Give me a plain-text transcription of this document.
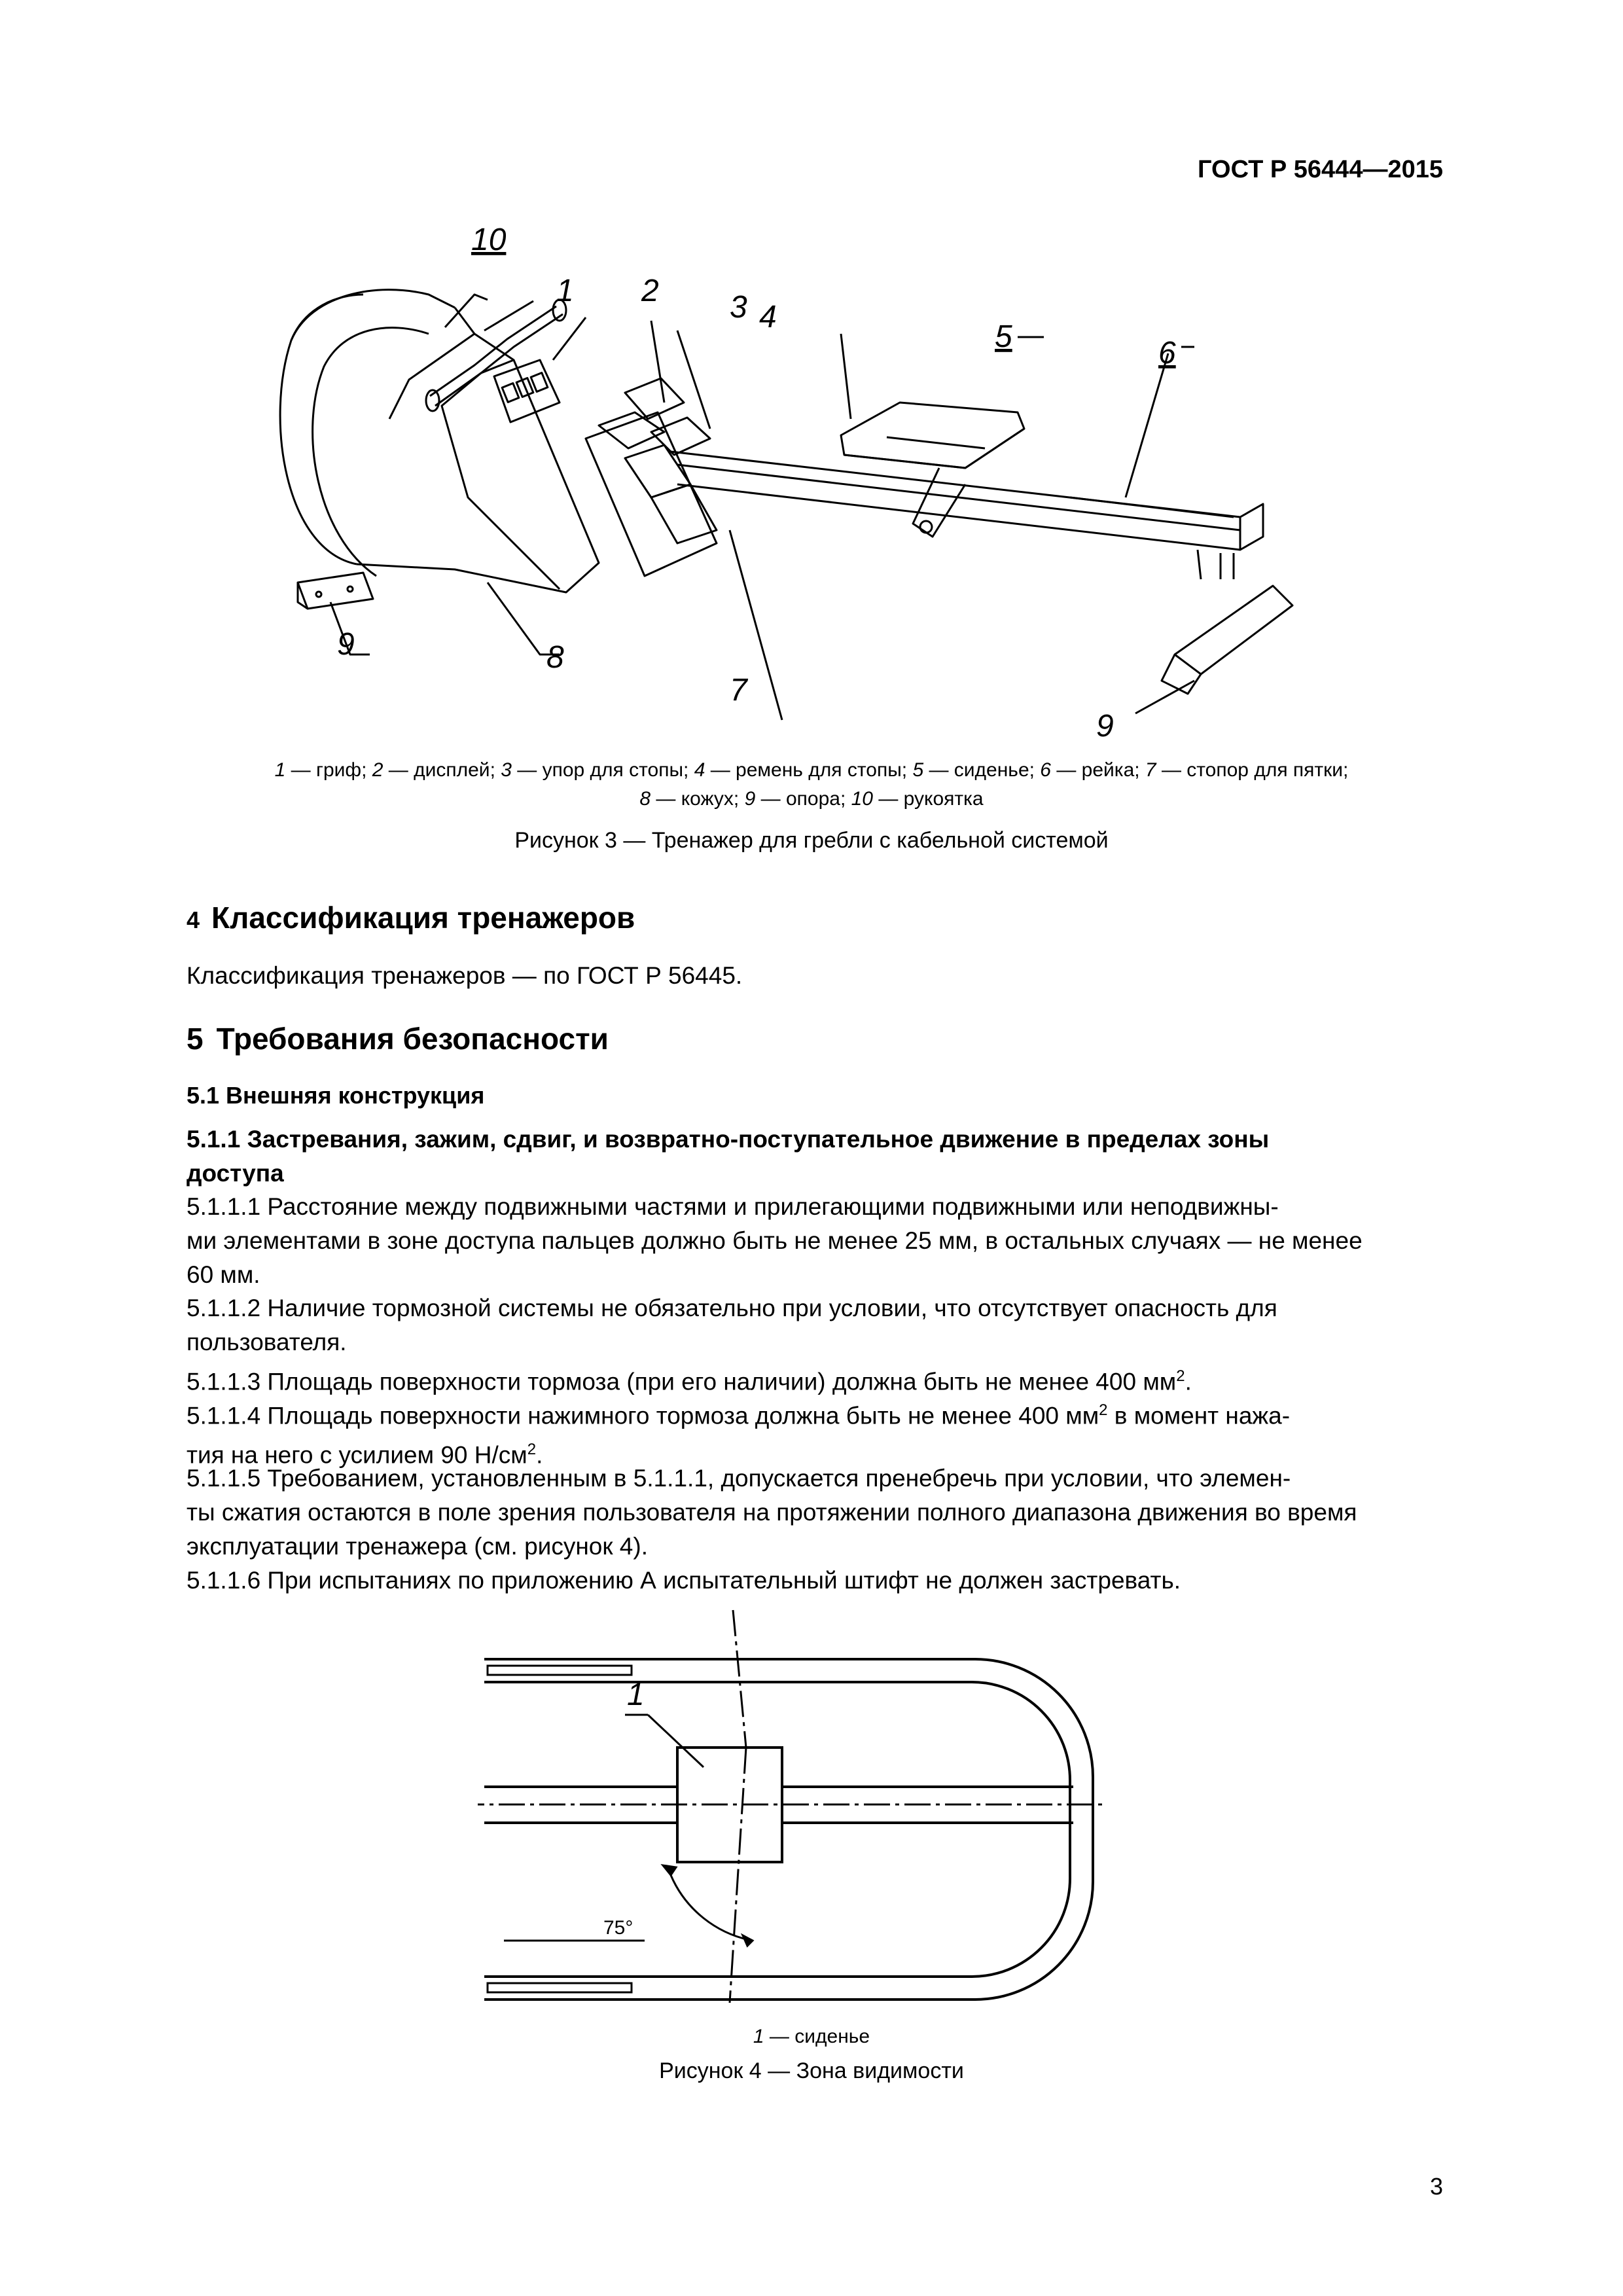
ГОСТ Р 56444—2015
10
1 2 3 4
5	6
7
8
9
9
1 — гриф; 2 — дисплей; 3 — упор для стопы; 4 — ремень для стопы; 5 — сиденье; 6 — рейка; 7 — стопор для пятки;
8 — кожух; 9 — опора; 10 — рукоятка
Рисунок 3 — Тренажер для гребли с кабельной системой
4 Классификация тренажеров
Классификация тренажеров — по ГОСТ Р 56445.
5 Требования безопасности
5.1 Внешняя конструкция
5.1.1 Застревания, зажим, сдвиг, и возвратно-поступательное движение в пределах зоны
доступа
5.1.1.1 Расстояние между подвижными частями и прилегающими подвижными или неподвижны-
ми элементами в зоне доступа пальцев должно быть не менее 25 мм, в остальных случаях — не менее
60 мм.
5.1.1.2 Наличие тормозной системы не обязательно при условии, что отсутствует опасность для
пользователя.
5.1.1.3 Площадь поверхности тормоза (при его наличии) должна быть не менее 400 $мм^2$.
5.1.1.4 Площадь поверхности нажимного тормоза должна быть не менее 400 $мм^2$ в момент нажа-
тия на него с усилием 90 $Н/см^2$.
5.1.1.5 Требованием, установленным в 5.1.1.1, допускается пренебречь при условии, что элемен-
ты сжатия остаются в поле зрения пользователя на протяжении полного диапазона движения во время
эксплуатации тренажера (см. рисунок 4).
5.1.1.6 При испытаниях по приложению А испытательный штифт не должен застревать.
1
75°
1 — сиденье
Рисунок 4 — Зона видимости
3
